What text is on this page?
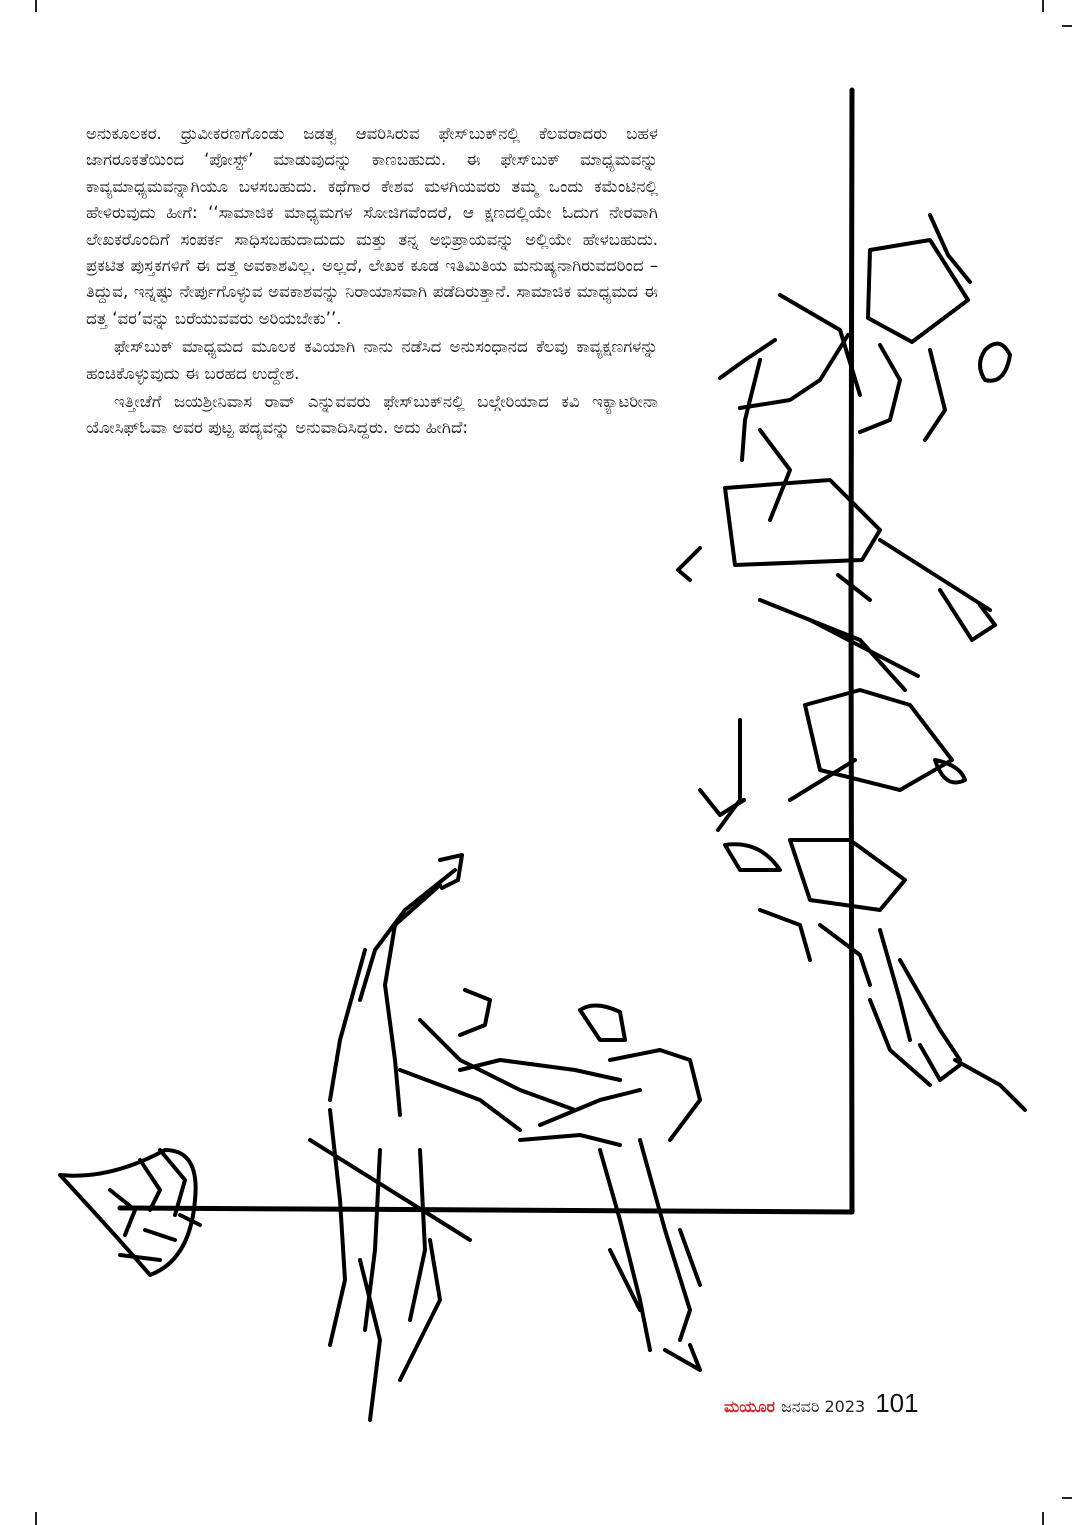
ಅನುಕೂಲಕರ. ಧ್ರುವೀಕರಣಗೊಂಡು ಜಡತ್ವ ಆವರಿಸಿರುವ ಫೇಸ್‌ಬುಕ್‌ನಲ್ಲಿ ಕೆಲವರಾದರು ಬಹಳ ಜಾಗರೂಕತೆಯಿಂದ ‘ಪೋಸ್ಟ್’ ಮಾಡುವುದನ್ನು ಕಾಣಬಹುದು. ಈ ಫೇಸ್‌ಬುಕ್ ಮಾಧ್ಯಮವನ್ನು ಕಾವ್ಯಮಾಧ್ಯಮವನ್ನಾಗಿಯೂ ಬಳಸಬಹುದು. ಕಥೆಗಾರ ಕೇಶವ ಮಳಗಿಯವರು ತಮ್ಮ ಒಂದು ಕಮೆಂಟಿನಲ್ಲಿ ಹೇಳಿರುವುದು ಹೀಗೆ: ‘‘ಸಾಮಾಜಿಕ ಮಾಧ್ಯಮಗಳ ಸೋಜಿಗವೆಂದರೆ, ಆ ಕ್ಷಣದಲ್ಲಿಯೇ ಓದುಗ ನೇರವಾಗಿ ಲೇಖಕರೊಂದಿಗೆ ಸಂಪರ್ಕ ಸಾಧಿಸಬಹುದಾದುದು ಮತ್ತು ತನ್ನ ಅಭಿಪ್ರಾಯವನ್ನು ಅಲ್ಲಿಯೇ ಹೇಳಬಹುದು. ಪ್ರಕಟಿತ ಪುಸ್ತಕಗಳಿಗೆ ಈ ದತ್ತ ಅವಕಾಶವಿಲ್ಲ. ಅಲ್ಲದೆ, ಲೇಖಕ ಕೂಡ ಇತಿಮಿತಿಯ ಮನುಷ್ಯನಾಗಿರುವದರಿಂದ – ತಿದ್ದುವ, ಇನ್ನಷ್ಟು ನೇರ್ಪುಗೊಳ್ಳುವ ಅವಕಾಶವನ್ನು ನಿರಾಯಾಸವಾಗಿ ಪಡೆದಿರುತ್ತಾನೆ. ಸಾಮಾಜಿಕ ಮಾಧ್ಯಮದ ಈ ದತ್ತ ‘ವರ’ವನ್ನು ಬರೆಯುವವರು ಅರಿಯಬೇಕು’’.

ಫೇಸ್‌ಬುಕ್ ಮಾಧ್ಯಮದ ಮೂಲಕ ಕವಿಯಾಗಿ ನಾನು ನಡೆಸಿದ ಅನುಸಂಧಾನದ ಕೆಲವು ಕಾವ್ಯಕ್ಷಣಗಳನ್ನು ಹಂಚಿಕೊಳ್ಳುವುದು ಈ ಬರಹದ ಉದ್ದೇಶ.

ಇತ್ತೀಚೆಗೆ ಜಯಶ್ರೀನಿವಾಸ ರಾವ್ ಎನ್ನುವವರು ಫೇಸ್‌ಬುಕ್‌ನಲ್ಲಿ ಬಲ್ಗೇರಿಯಾದ ಕವಿ ಇಕ್ಯಾಟರೀನಾ ಯೋಸಿಫ್‌ಓವಾ ಅವರ ಪುಟ್ಟ ಪದ್ಯವನ್ನು ಅನುವಾದಿಸಿದ್ದರು. ಅದು ಹೀಗಿದೆ:

ಮಯೂರ ಜನವರಿ 2023 101
